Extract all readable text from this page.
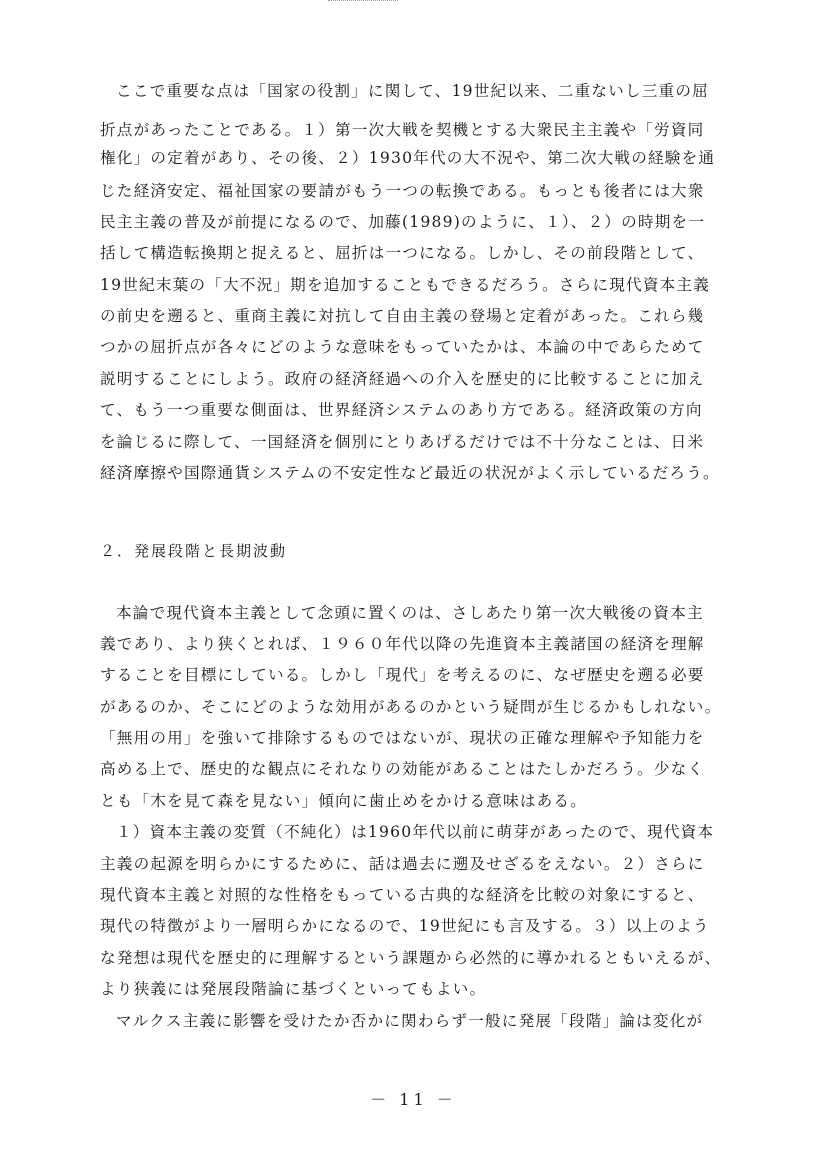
ここで重要な点は「国家の役割」に関して、19世紀以来、二重ないし三重の屈
折点があったことである。１）第一次大戦を契機とする大衆民主主義や「労資同
権化」の定着があり、その後、２）1930年代の大不況や、第二次大戦の経験を通
じた経済安定、福祉国家の要請がもう一つの転換である。もっとも後者には大衆
民主主義の普及が前提になるので、加藤(1989)のように、１）、２）の時期を一
括して構造転換期と捉えると、屈折は一つになる。しかし、その前段階として、
19世紀末葉の「大不況」期を追加することもできるだろう。さらに現代資本主義
の前史を遡ると、重商主義に対抗して自由主義の登場と定着があった。これら幾
つかの屈折点が各々にどのような意味をもっていたかは、本論の中であらためて
説明することにしよう。政府の経済経過への介入を歴史的に比較することに加え
て、もう一つ重要な側面は、世界経済システムのあり方である。経済政策の方向
を論じるに際して、一国経済を個別にとりあげるだけでは不十分なことは、日米
経済摩擦や国際通貨システムの不安定性など最近の状況がよく示しているだろう。
２．発展段階と長期波動
本論で現代資本主義として念頭に置くのは、さしあたり第一次大戦後の資本主
義であり、より狭くとれば、１９６０年代以降の先進資本主義諸国の経済を理解
することを目標にしている。しかし「現代」を考えるのに、なぜ歴史を遡る必要
があるのか、そこにどのような効用があるのかという疑問が生じるかもしれない。
「無用の用」を強いて排除するものではないが、現状の正確な理解や予知能力を
高める上で、歴史的な観点にそれなりの効能があることはたしかだろう。少なく
とも「木を見て森を見ない」傾向に歯止めをかける意味はある。
１）資本主義の変質（不純化）は1960年代以前に萌芽があったので、現代資本
主義の起源を明らかにするために、話は過去に遡及せざるをえない。２）さらに
現代資本主義と対照的な性格をもっている古典的な経済を比較の対象にすると、
現代の特徴がより一層明らかになるので、19世紀にも言及する。３）以上のよう
な発想は現代を歴史的に理解するという課題から必然的に導かれるともいえるが、
より狭義には発展段階論に基づくといってもよい。
マルクス主義に影響を受けたか否かに関わらず一般に発展「段階」論は変化が
－ 11 －
